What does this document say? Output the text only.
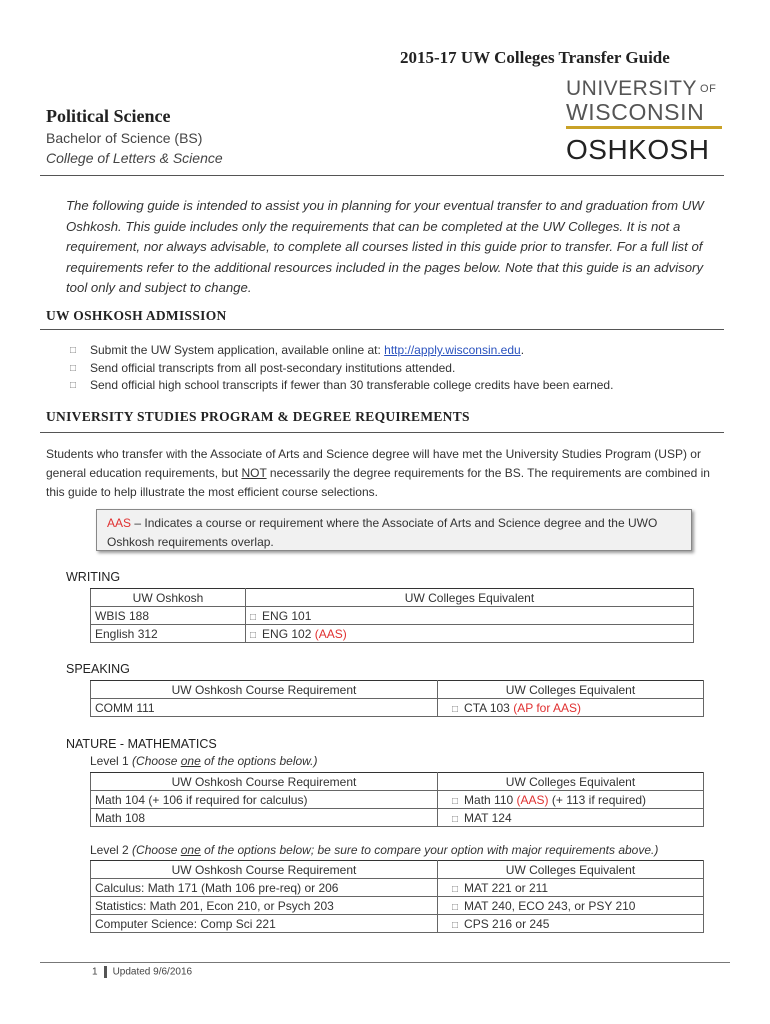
2015-17 UW Colleges Transfer Guide
UNIVERSITY $^{OF}$
WISCONSIN
OSHKOSH
Political Science
Bachelor of Science (BS)
College of Letters & Science
The following guide is intended to assist you in planning for your eventual transfer to and graduation from UW Oshkosh. This guide includes only the requirements that can be completed at the UW Colleges. It is not a requirement, nor always advisable, to complete all courses listed in this guide prior to transfer. For a full list of requirements refer to the additional resources included in the pages below. Note that this guide is an advisory tool only and subject to change.
UW OSHKOSH ADMISSION
□	Submit the UW System application, available online at: http://apply.wisconsin.edu.
□	Send official transcripts from all post-secondary institutions attended.
□	Send official high school transcripts if fewer than 30 transferable college credits have been earned.
UNIVERSITY STUDIES PROGRAM & DEGREE REQUIREMENTS
Students who transfer with the Associate of Arts and Science degree will have met the University Studies Program (USP) or general education requirements, but NOT necessarily the degree requirements for the BS. The requirements are combined in this guide to help illustrate the most efficient course selections.
AAS – Indicates a course or requirement where the Associate of Arts and Science degree and the UWO Oshkosh requirements overlap.
WRITING
UW Oshkosh	UW Colleges Equivalent
WBIS 188	□ ENG 101
English 312	□ ENG 102 (AAS)
SPEAKING
UW Oshkosh Course Requirement	UW Colleges Equivalent
COMM 111	□ CTA 103 (AP for AAS)
NATURE - MATHEMATICS
Level 1 (Choose one of the options below.)
UW Oshkosh Course Requirement	UW Colleges Equivalent
Math 104 (+ 106 if required for calculus)	□ Math 110 (AAS) (+ 113 if required)
Math 108	□ MAT 124
Level 2 (Choose one of the options below; be sure to compare your option with major requirements above.)
UW Oshkosh Course Requirement	UW Colleges Equivalent
Calculus: Math 171 (Math 106 pre-req) or 206	□ MAT 221 or 211
Statistics: Math 201, Econ 210, or Psych 203	□ MAT 240, ECO 243, or PSY 210
Computer Science: Comp Sci 221	□ CPS 216 or 245
1 Updated 9/6/2016
